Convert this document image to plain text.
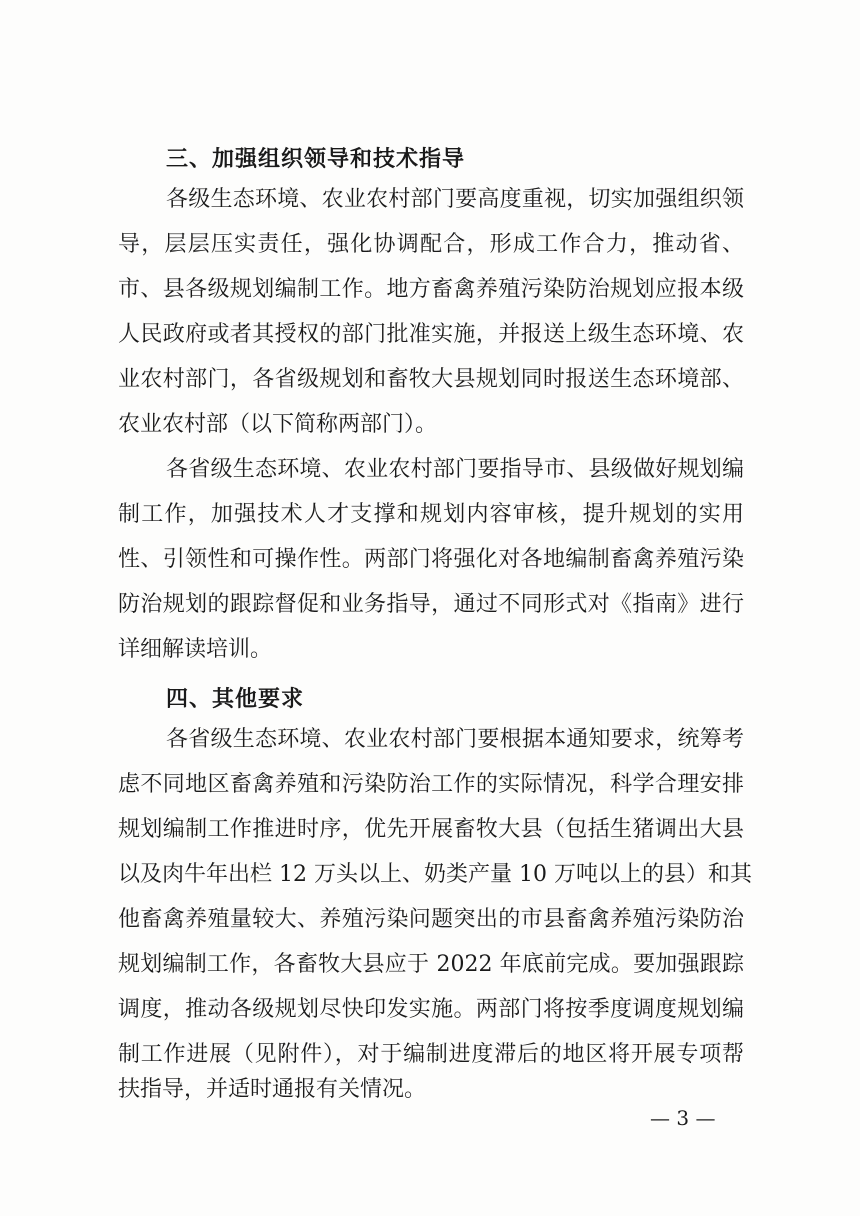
三、加强组织领导和技术指导
各级生态环境、农业农村部门要高度重视，切实加强组织领
导，层层压实责任，强化协调配合，形成工作合力，推动省、
市、县各级规划编制工作。地方畜禽养殖污染防治规划应报本级
人民政府或者其授权的部门批准实施，并报送上级生态环境、农
业农村部门，各省级规划和畜牧大县规划同时报送生态环境部、
农业农村部（以下简称两部门）。
各省级生态环境、农业农村部门要指导市、县级做好规划编
制工作，加强技术人才支撑和规划内容审核，提升规划的实用
性、引领性和可操作性。两部门将强化对各地编制畜禽养殖污染
防治规划的跟踪督促和业务指导，通过不同形式对《指南》进行
详细解读培训。
四、其他要求
各省级生态环境、农业农村部门要根据本通知要求，统筹考
虑不同地区畜禽养殖和污染防治工作的实际情况，科学合理安排
规划编制工作推进时序，优先开展畜牧大县（包括生猪调出大县
以及肉牛年出栏 12 万头以上、奶类产量 10 万吨以上的县）和其
他畜禽养殖量较大、养殖污染问题突出的市县畜禽养殖污染防治
规划编制工作，各畜牧大县应于 2022 年底前完成。要加强跟踪
调度，推动各级规划尽快印发实施。两部门将按季度调度规划编
制工作进展（见附件），对于编制进度滞后的地区将开展专项帮
扶指导，并适时通报有关情况。
— 3 —
